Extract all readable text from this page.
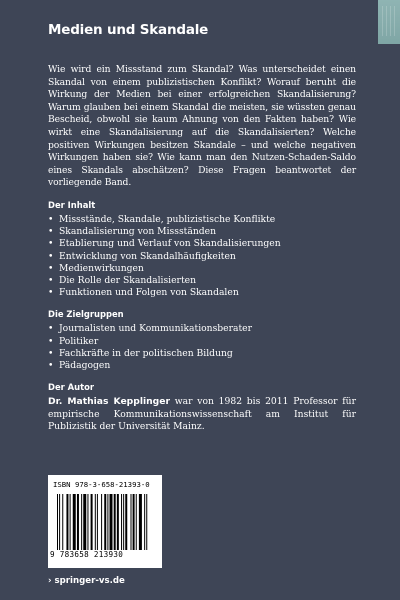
Medien und Skandale

Wie wird ein Missstand zum Skandal? Was unterscheidet einen Skandal von einem publizistischen Konflikt? Worauf beruht die Wirkung der Medien bei einer erfolgreichen Skandalisierung? Warum glauben bei einem Skandal die meisten, sie wüssten genau Bescheid, obwohl sie kaum Ahnung von den Fakten haben? Wie wirkt eine Skandalisierung auf die Skandalisierten? Welche positiven Wirkungen besitzen Skandale – und welche negativen Wirkungen haben sie? Wie kann man den Nutzen-Schaden-Saldo eines Skandals abschätzen? Diese Fragen beantwortet der vorliegende Band.

Der Inhalt

• Missstände, Skandale, publizistische Konflikte
• Skandalisierung von Missständen
• Etablierung und Verlauf von Skandalisierungen
• Entwicklung von Skandalhäufigkeiten
• Medienwirkungen
• Die Rolle der Skandalisierten
• Funktionen und Folgen von Skandalen

Die Zielgruppen

• Journalisten und Kommunikationsberater
• Politiker
• Fachkräfte in der politischen Bildung
• Pädagogen

Der Autor

Dr. Mathias Kepplinger war von 1982 bis 2011 Professor für empirische Kommunikationswissenschaft am Institut für Publizistik der Universität Mainz.

ISBN 978-3-658-21393-0
9 783658 213930
› springer-vs.de
